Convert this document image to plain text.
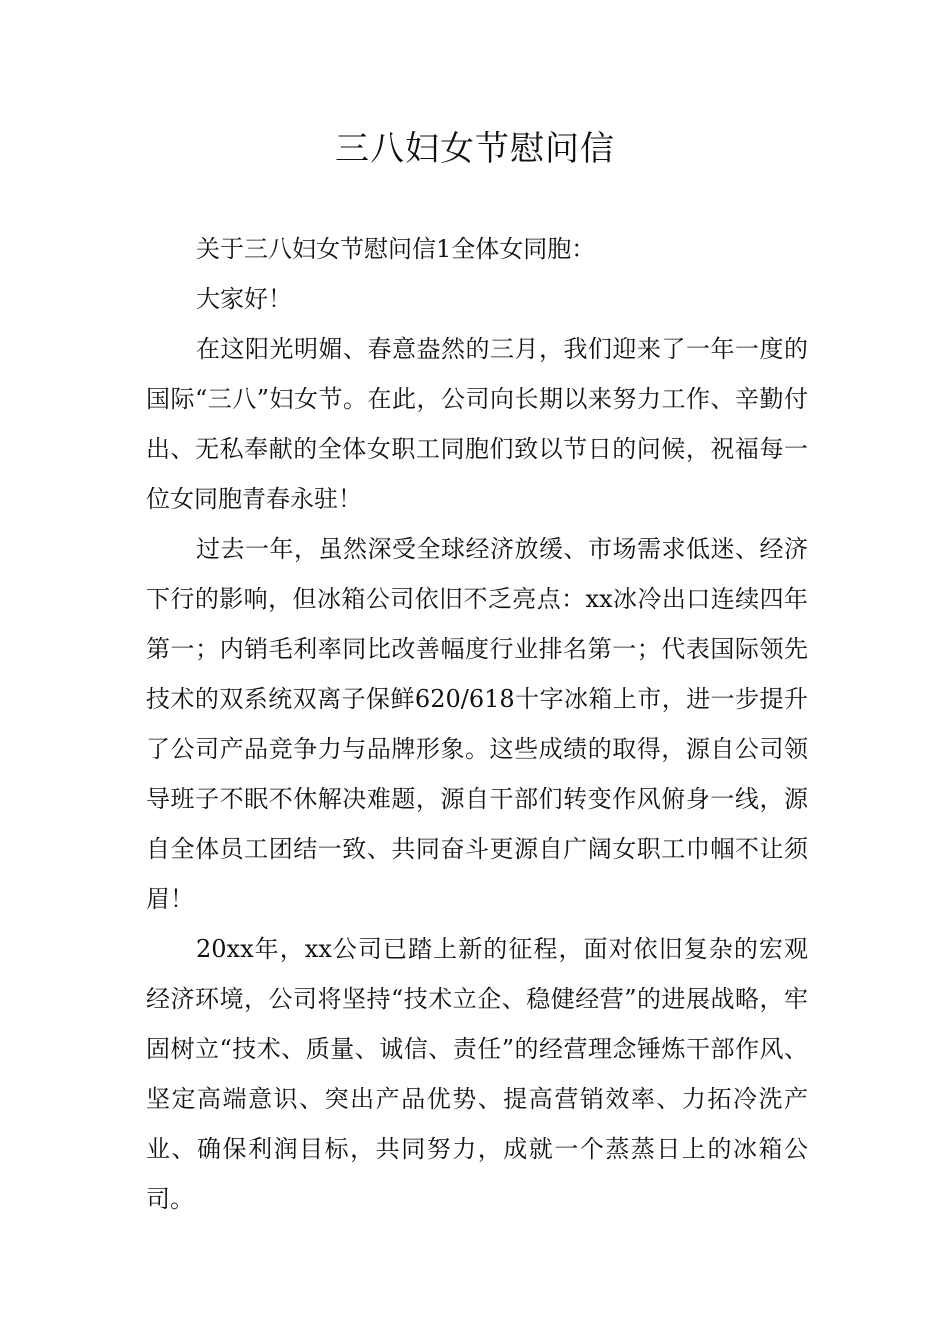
三八妇女节慰问信

关于三八妇女节慰问信1全体女同胞：

大家好！

在这阳光明媚、春意盎然的三月，我们迎来了一年一度的国际“三八”妇女节。在此，公司向长期以来努力工作、辛勤付出、无私奉献的全体女职工同胞们致以节日的问候，祝福每一位女同胞青春永驻！

过去一年，虽然深受全球经济放缓、市场需求低迷、经济下行的影响，但冰箱公司依旧不乏亮点：xx冰冷出口连续四年第一；内销毛利率同比改善幅度行业排名第一；代表国际领先技术的双系统双离子保鲜620/618十字冰箱上市，进一步提升了公司产品竞争力与品牌形象。这些成绩的取得，源自公司领导班子不眠不休解决难题，源自干部们转变作风俯身一线，源自全体员工团结一致、共同奋斗更源自广阔女职工巾帼不让须眉！

20xx年，xx公司已踏上新的征程，面对依旧复杂的宏观经济环境，公司将坚持“技术立企、稳健经营”的进展战略，牢固树立“技术、质量、诚信、责任”的经营理念锤炼干部作风、坚定高端意识、突出产品优势、提高营销效率、力拓冷洗产业、确保利润目标，共同努力，成就一个蒸蒸日上的冰箱公司。
